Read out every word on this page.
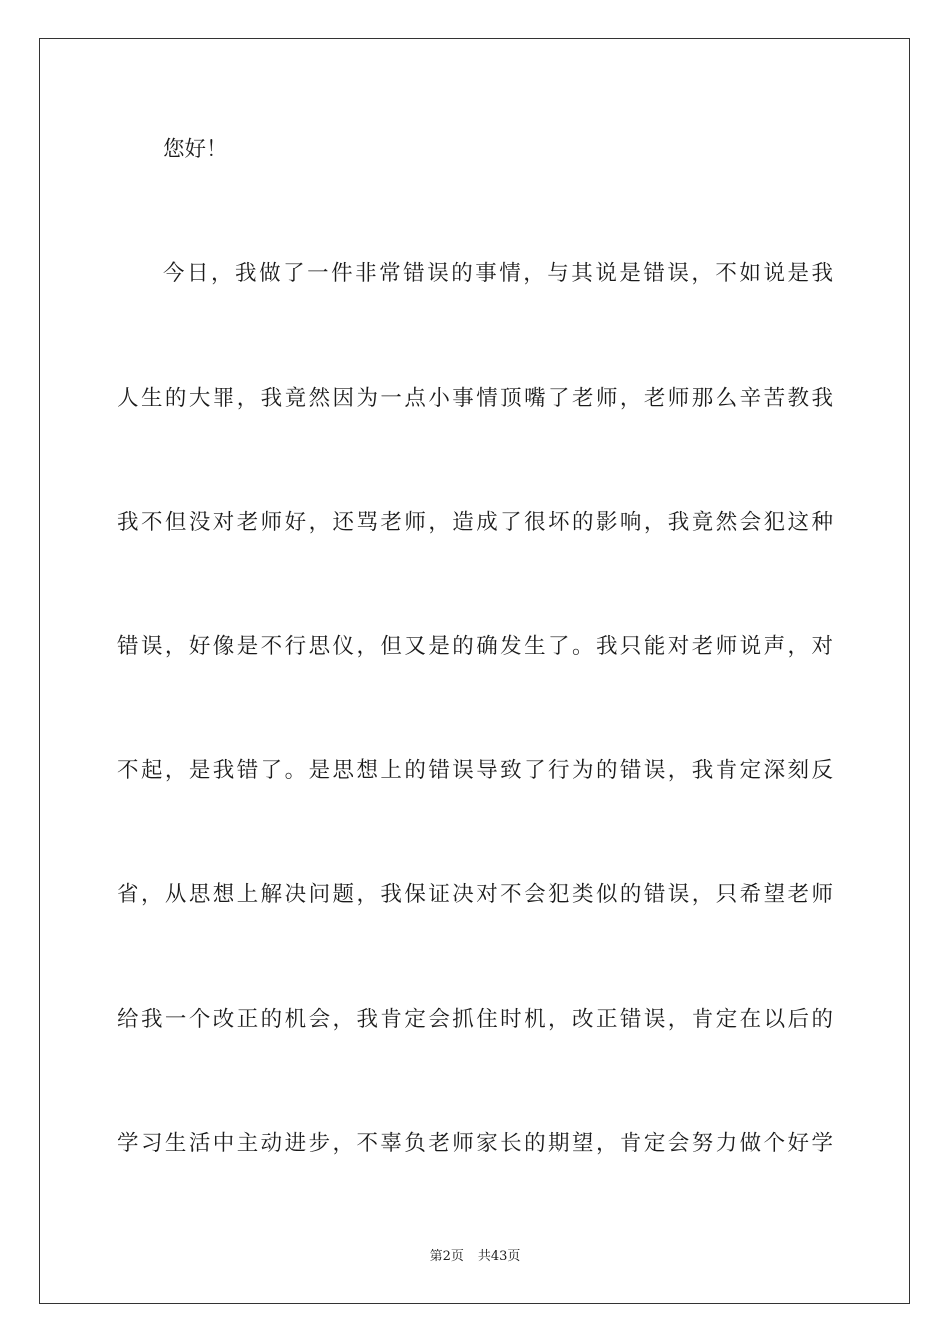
您好！
今日，我做了一件非常错误的事情，与其说是错误，不如说是我
人生的大罪，我竟然因为一点小事情顶嘴了老师，老师那么辛苦教我
我不但没对老师好，还骂老师，造成了很坏的影响，我竟然会犯这种
错误，好像是不行思仪，但又是的确发生了。我只能对老师说声，对
不起，是我错了。是思想上的错误导致了行为的错误，我肯定深刻反
省，从思想上解决问题，我保证决对不会犯类似的错误，只希望老师
给我一个改正的机会，我肯定会抓住时机，改正错误，肯定在以后的
学习生活中主动进步，不辜负老师家长的期望，肯定会努力做个好学
第2页 共43页
